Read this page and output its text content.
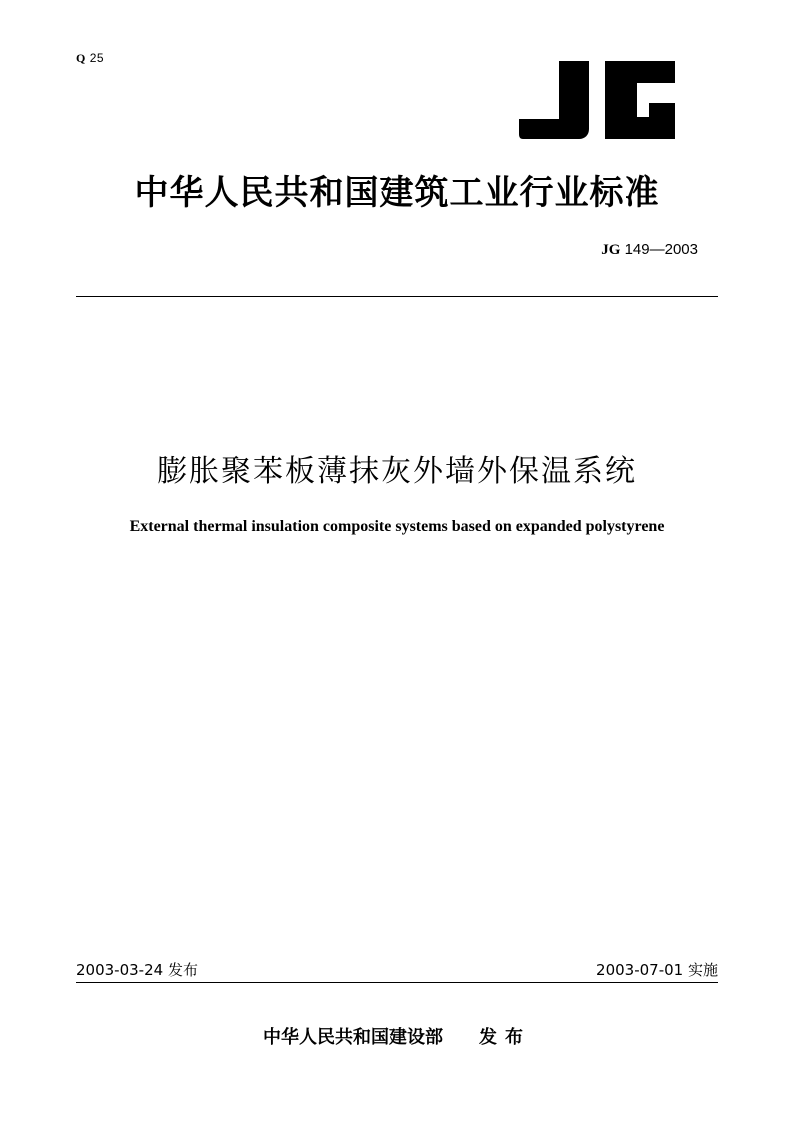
Q 25
中华人民共和国建筑工业行业标准
JG 149—2003
膨胀聚苯板薄抹灰外墙外保温系统
External thermal insulation composite systems based on expanded polystyrene
2003-03-24 发布	2003-07-01 实施
中华人民共和国建设部 发布
